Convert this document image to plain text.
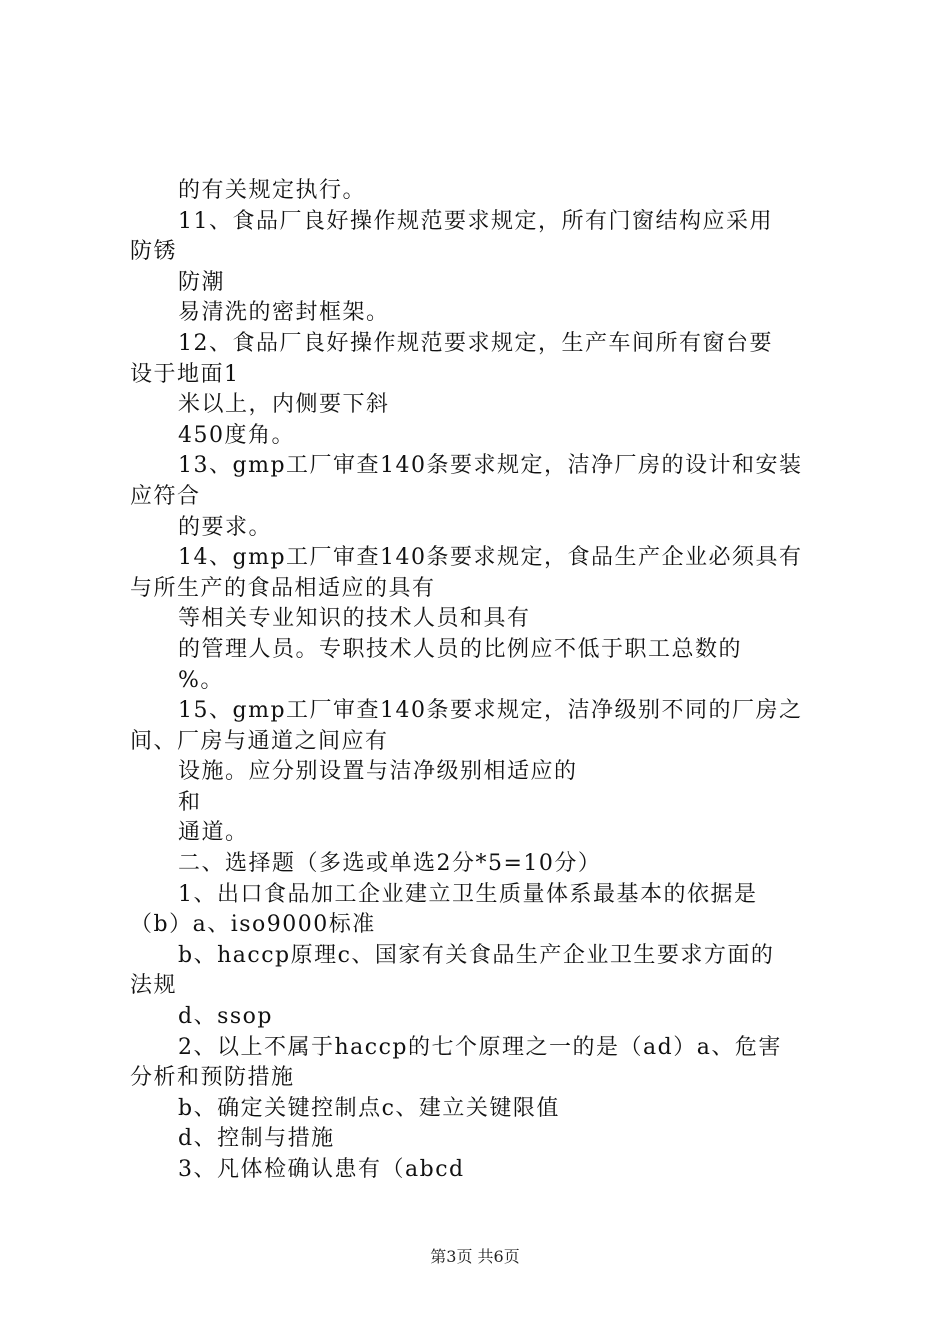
的有关规定执行。
11、食品厂良好操作规范要求规定，所有门窗结构应采用
防锈
防潮
易清洗的密封框架。
12、食品厂良好操作规范要求规定，生产车间所有窗台要
设于地面1
米以上，内侧要下斜
450度角。
13、gmp工厂审查140条要求规定，洁净厂房的设计和安装
应符合
的要求。
14、gmp工厂审查140条要求规定，食品生产企业必须具有
与所生产的食品相适应的具有
等相关专业知识的技术人员和具有
的管理人员。专职技术人员的比例应不低于职工总数的
%。
15、gmp工厂审查140条要求规定，洁净级别不同的厂房之
间、厂房与通道之间应有
设施。应分别设置与洁净级别相适应的
和
通道。
二、选择题（多选或单选2分*5=10分）
1、出口食品加工企业建立卫生质量体系最基本的依据是
（b）a、iso9000标准
b、haccp原理c、国家有关食品生产企业卫生要求方面的
法规
d、ssop
2、以上不属于haccp的七个原理之一的是（ad）a、危害
分析和预防措施
b、确定关键控制点c、建立关键限值
d、控制与措施
3、凡体检确认患有（abcd
第3页 共6页
